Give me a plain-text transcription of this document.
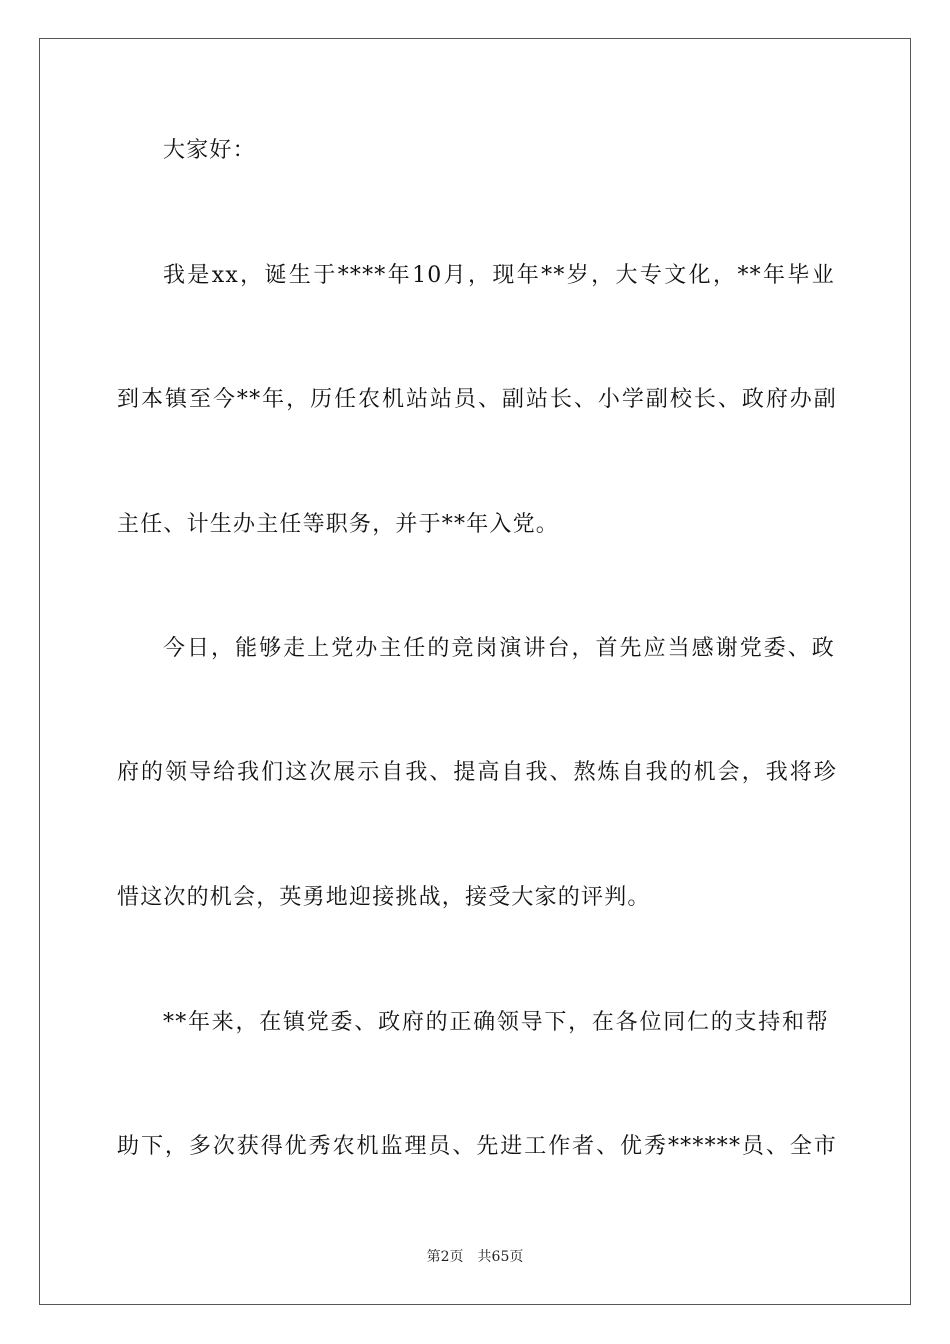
大家好：
我是xx，诞生于****年10月，现年**岁，大专文化，**年毕业
到本镇至今**年，历任农机站站员、副站长、小学副校长、政府办副
主任、计生办主任等职务，并于**年入党。
今日，能够走上党办主任的竞岗演讲台，首先应当感谢党委、政
府的领导给我们这次展示自我、提高自我、熬炼自我的机会，我将珍
惜这次的机会，英勇地迎接挑战，接受大家的评判。
**年来，在镇党委、政府的正确领导下，在各位同仁的支持和帮
助下，多次获得优秀农机监理员、先进工作者、优秀******员、全市
第2页 共65页
